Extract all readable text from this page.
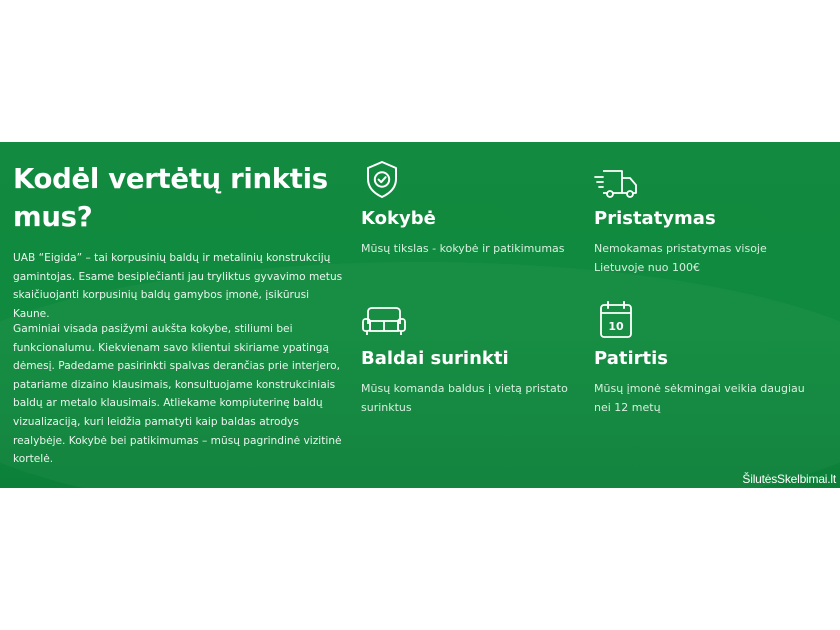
Kodėl vertėtų rinktis mus?

UAB “Eigida” – tai korpusinių baldų ir metalinių konstrukcijų gamintojas. Esame besiplečianti jau tryliktus gyvavimo metus skaičiuojanti korpusinių baldų gamybos įmonė, įsikūrusi Kaune.

Gaminiai visada pasižymi aukšta kokybe, stiliumi bei funkcionalumu. Kiekvienam savo klientui skiriame ypatingą dėmesį. Padedame pasirinkti spalvas derančias prie interjero, patariame dizaino klausimais, konsultuojame konstrukciniais baldų ar metalo klausimais. Atliekame kompiuterinę baldų vizualizaciją, kuri leidžia pamatyti kaip baldas atrodys realybėje. Kokybė bei patikimumas – mūsų pagrindinė vizitinė kortelė.

Kokybė

Mūsų tikslas - kokybė ir patikimumas

Pristatymas

Nemokamas pristatymas visoje Lietuvoje nuo 100€

Baldai surinkti

Mūsų komanda baldus į vietą pristato surinktus

10
Patirtis

Mūsų įmonė sėkmingai veikia daugiau nei 12 metų

ŠilutėsSkelbimai.lt
